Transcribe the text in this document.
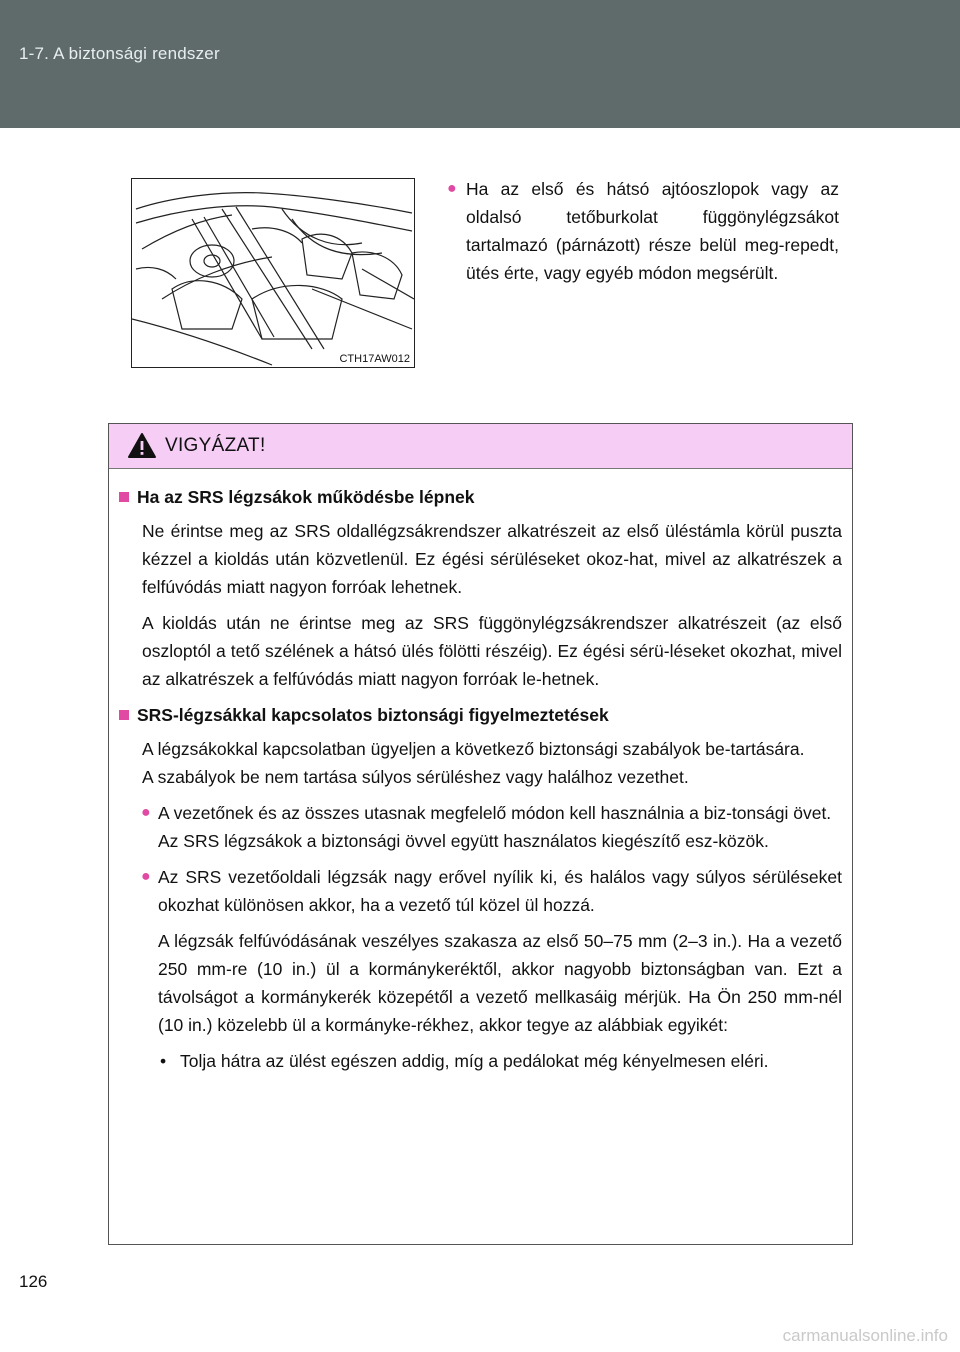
1-7. A biztonsági rendszer
CTH17AW012
● Ha az első és hátsó ajtóoszlopok vagy az oldalsó tetőburkolat függönylégzsákot tartalmazó (párnázott) része belül meg-repedt, ütés érte, vagy egyéb módon megsérült.
VIGYÁZAT!
Ha az SRS légzsákok működésbe lépnek
Ne érintse meg az SRS oldallégzsákrendszer alkatrészeit az első üléstámla körül puszta kézzel a kioldás után közvetlenül. Ez égési sérüléseket okoz-hat, mivel az alkatrészek a felfúvódás miatt nagyon forróak lehetnek.
A kioldás után ne érintse meg az SRS függönylégzsákrendszer alkatrészeit (az első oszloptól a tető szélének a hátsó ülés fölötti részéig). Ez égési sérü-léseket okozhat, mivel az alkatrészek a felfúvódás miatt nagyon forróak le-hetnek.
SRS-légzsákkal kapcsolatos biztonsági figyelmeztetések
A légzsákokkal kapcsolatban ügyeljen a következő biztonsági szabályok be-tartására.
A szabályok be nem tartása súlyos sérüléshez vagy halálhoz vezethet.
● A vezetőnek és az összes utasnak megfelelő módon kell használnia a biz-tonsági övet.
Az SRS légzsákok a biztonsági övvel együtt használatos kiegészítő esz-közök.
● Az SRS vezetőoldali légzsák nagy erővel nyílik ki, és halálos vagy súlyos sérüléseket okozhat különösen akkor, ha a vezető túl közel ül hozzá.
A légzsák felfúvódásának veszélyes szakasza az első 50–75 mm (2–3 in.). Ha a vezető 250 mm-re (10 in.) ül a kormánykeréktől, akkor nagyobb biztonságban van. Ezt a távolságot a kormánykerék közepétől a vezető mellkasáig mérjük. Ha Ön 250 mm-nél (10 in.) közelebb ül a kormányke-rékhez, akkor tegye az alábbiak egyikét:
• Tolja hátra az ülést egészen addig, míg a pedálokat még kényelmesen eléri.
126
carmanualsonline.info
